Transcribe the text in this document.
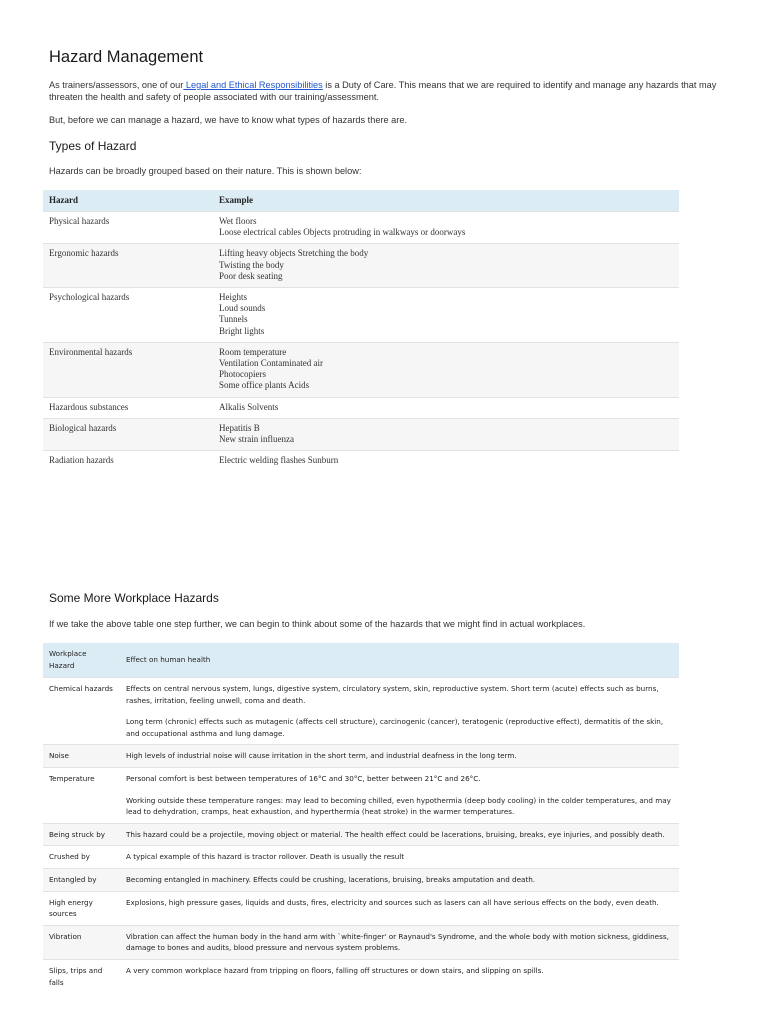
Hazard Management

As trainers/assessors, one of our Legal and Ethical Responsibilities is a Duty of Care. This means that we are required to identify and manage any hazards that may threaten the health and safety of people associated with our training/assessment.

But, before we can manage a hazard, we have to know what types of hazards there are.

Types of Hazard

Hazards can be broadly grouped based on their nature. This is shown below:

Hazard	Example
Physical hazards	Wet floors
Loose electrical cables Objects protruding in walkways or doorways

Ergonomic hazards	Lifting heavy objects Stretching the body
Twisting the body
Poor desk seating

Psychological hazards	Heights
Loud sounds
Tunnels
Bright lights

Environmental hazards	Room temperature
Ventilation Contaminated air
Photocopiers
Some office plants Acids

Hazardous substances	Alkalis Solvents

Biological hazards	Hepatitis B
New strain influenza

Radiation hazards	Electric welding flashes Sunburn
Some More Workplace Hazards

If we take the above table one step further, we can begin to think about some of the hazards that we might find in actual workplaces.

Workplace Hazard	Effect on human health
Chemical hazards	Effects on central nervous system, lungs, digestive system, circulatory system, skin, reproductive system. Short term (acute) effects such as burns, rashes, irritation, feeling unwell, coma and death.
Long term (chronic) effects such as mutagenic (affects cell structure), carcinogenic (cancer), teratogenic (reproductive effect), dermatitis of the skin, and occupational asthma and lung damage.

Noise	High levels of industrial noise will cause irritation in the short term, and industrial deafness in the long term.

Temperature	Personal comfort is best between temperatures of 16°C and 30°C, better between 21°C and 26°C.
Working outside these temperature ranges: may lead to becoming chilled, even hypothermia (deep body cooling) in the colder temperatures, and may lead to dehydration, cramps, heat exhaustion, and hyperthermia (heat stroke) in the warmer temperatures.

Being struck by	This hazard could be a projectile, moving object or material. The health effect could be lacerations, bruising, breaks, eye injuries, and possibly death.

Crushed by	A typical example of this hazard is tractor rollover. Death is usually the result

Entangled by	Becoming entangled in machinery. Effects could be crushing, lacerations, bruising, breaks amputation and death.

High energy sources	Explosions, high pressure gases, liquids and dusts, fires, electricity and sources such as lasers can all have serious effects on the body, even death.

Vibration	Vibration can affect the human body in the hand arm with `white-finger' or Raynaud's Syndrome, and the whole body with motion sickness, giddiness, damage to bones and audits, blood pressure and nervous system problems.

Slips, trips and falls	A very common workplace hazard from tripping on floors, falling off structures or down stairs, and slipping on spills.
